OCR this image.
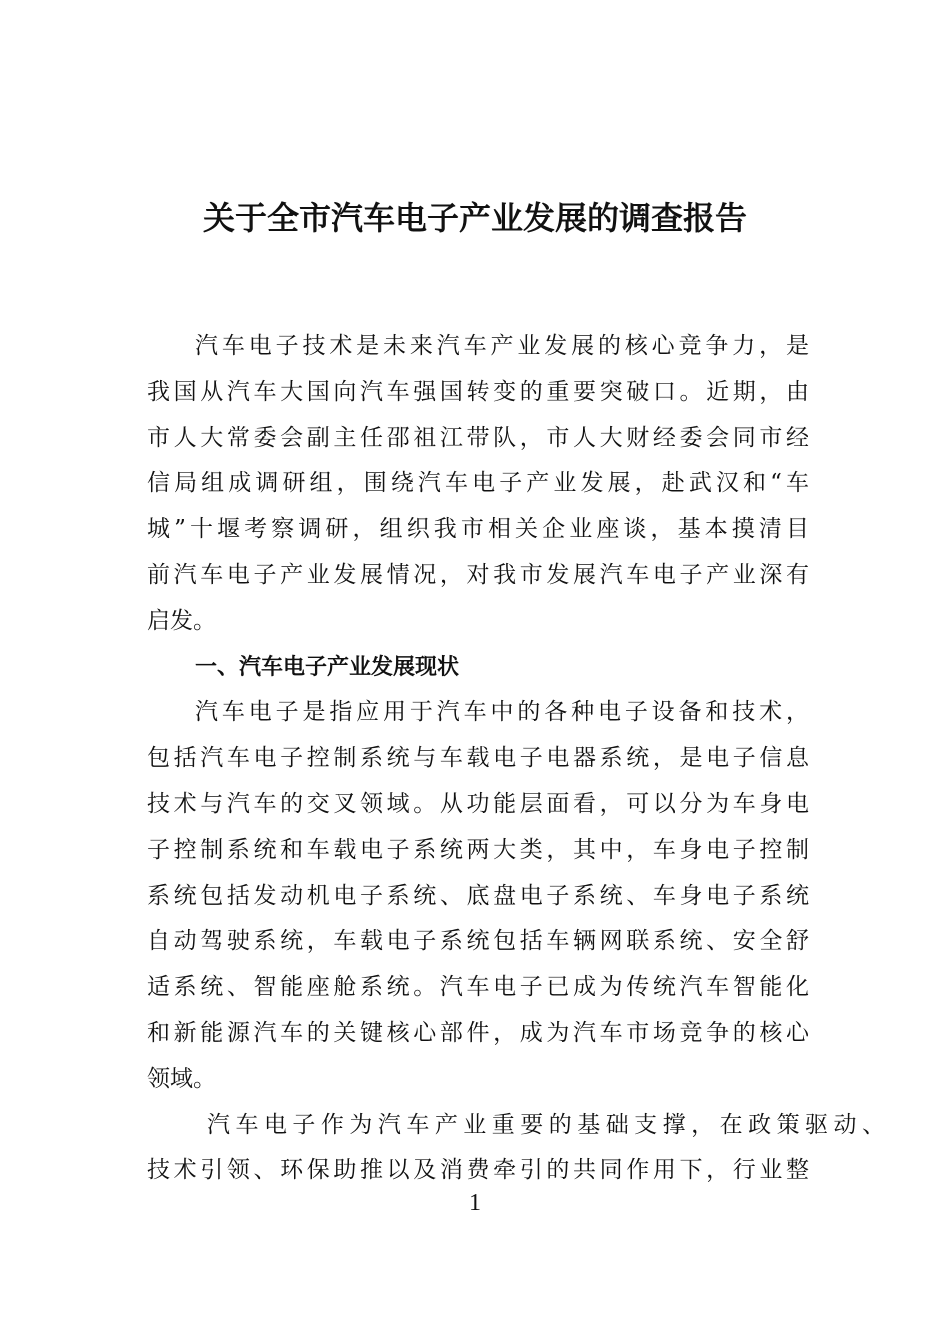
关于全市汽车电子产业发展的调查报告
汽车电子技术是未来汽车产业发展的核心竞争力，是
我国从汽车大国向汽车强国转变的重要突破口。近期，由
市人大常委会副主任邵祖江带队，市人大财经委会同市经
信局组成调研组，围绕汽车电子产业发展，赴武汉和“车
城”十堰考察调研，组织我市相关企业座谈，基本摸清目
前汽车电子产业发展情况，对我市发展汽车电子产业深有
启发。
一、汽车电子产业发展现状
汽车电子是指应用于汽车中的各种电子设备和技术，
包括汽车电子控制系统与车载电子电器系统，是电子信息
技术与汽车的交叉领域。从功能层面看，可以分为车身电
子控制系统和车载电子系统两大类，其中，车身电子控制
系统包括发动机电子系统、底盘电子系统、车身电子系统
自动驾驶系统，车载电子系统包括车辆网联系统、安全舒
适系统、智能座舱系统。汽车电子已成为传统汽车智能化
和新能源汽车的关键核心部件，成为汽车市场竞争的核心
领域。
汽车电子作为汽车产业重要的基础支撑，在政策驱动、
技术引领、环保助推以及消费牵引的共同作用下，行业整
1
